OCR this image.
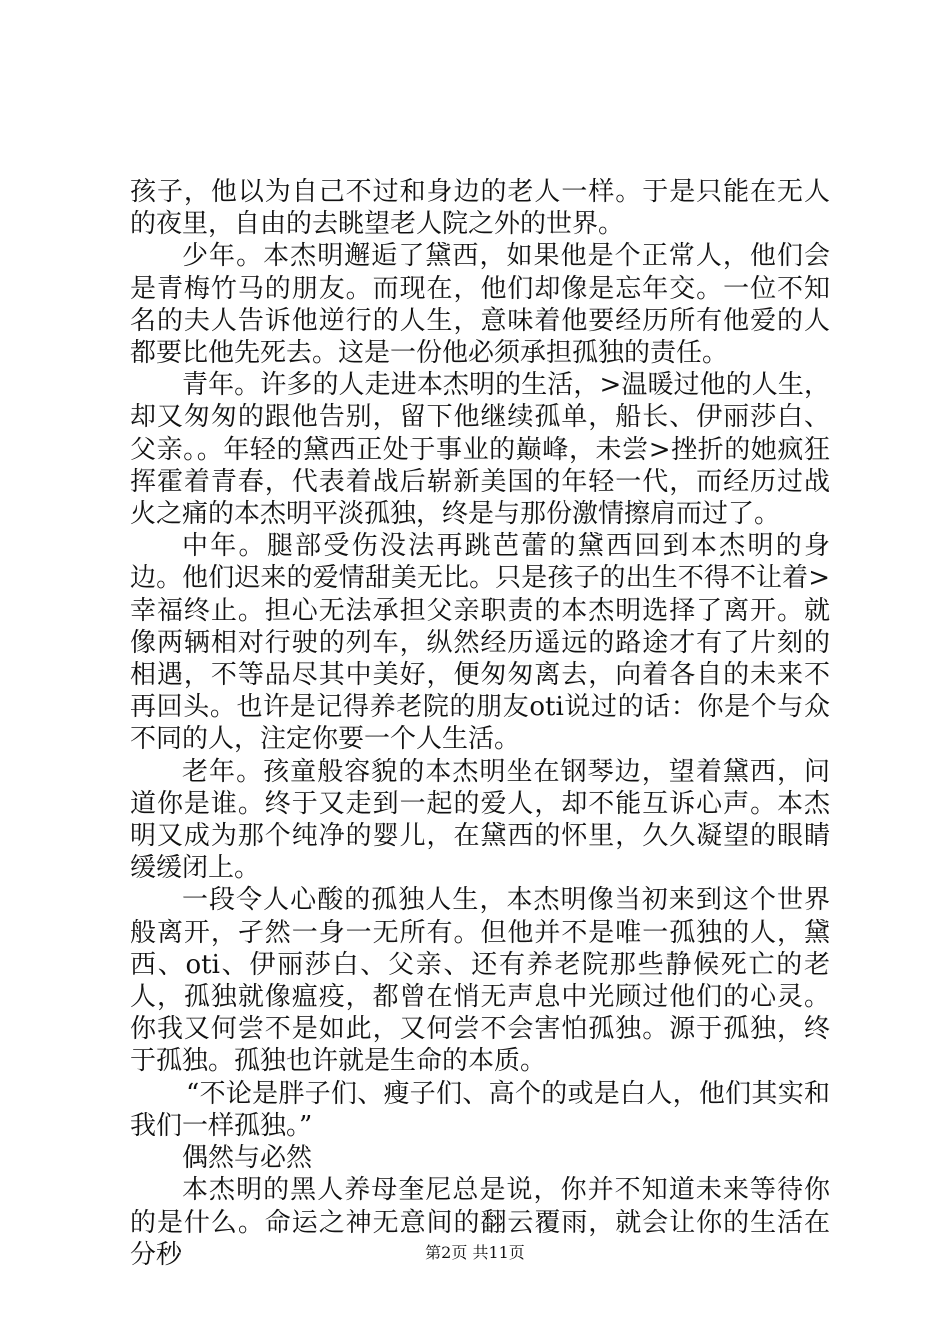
孩子，他以为自己不过和身边的老人一样。于是只能在无人的夜里，自由的去眺望老人院之外的世界。

少年。本杰明邂逅了黛西，如果他是个正常人，他们会是青梅竹马的朋友。而现在，他们却像是忘年交。一位不知名的夫人告诉他逆行的人生，意味着他要经历所有他爱的人都要比他先死去。这是一份他必须承担孤独的责任。

青年。许多的人走进本杰明的生活，>温暖过他的人生，却又匆匆的跟他告别，留下他继续孤单，船长、伊丽莎白、父亲。。年轻的黛西正处于事业的巅峰，未尝>挫折的她疯狂挥霍着青春，代表着战后崭新美国的年轻一代，而经历过战火之痛的本杰明平淡孤独，终是与那份激情擦肩而过了。

中年。腿部受伤没法再跳芭蕾的黛西回到本杰明的身边。他们迟来的爱情甜美无比。只是孩子的出生不得不让着>幸福终止。担心无法承担父亲职责的本杰明选择了离开。就像两辆相对行驶的列车，纵然经历遥远的路途才有了片刻的相遇，不等品尽其中美好，便匆匆离去，向着各自的未来不再回头。也许是记得养老院的朋友oti说过的话：你是个与众不同的人，注定你要一个人生活。

老年。孩童般容貌的本杰明坐在钢琴边，望着黛西，问道你是谁。终于又走到一起的爱人，却不能互诉心声。本杰明又成为那个纯净的婴儿，在黛西的怀里，久久凝望的眼睛缓缓闭上。

一段令人心酸的孤独人生，本杰明像当初来到这个世界般离开，孑然一身一无所有。但他并不是唯一孤独的人，黛西、oti、伊丽莎白、父亲、还有养老院那些静候死亡的老人，孤独就像瘟疫，都曾在悄无声息中光顾过他们的心灵。你我又何尝不是如此，又何尝不会害怕孤独。源于孤独，终于孤独。孤独也许就是生命的本质。

“不论是胖子们、瘦子们、高个的或是白人，他们其实和我们一样孤独。”

偶然与必然

本杰明的黑人养母奎尼总是说，你并不知道未来等待你的是什么。命运之神无意间的翻云覆雨，就会让你的生活在分秒	第2页 共11页
